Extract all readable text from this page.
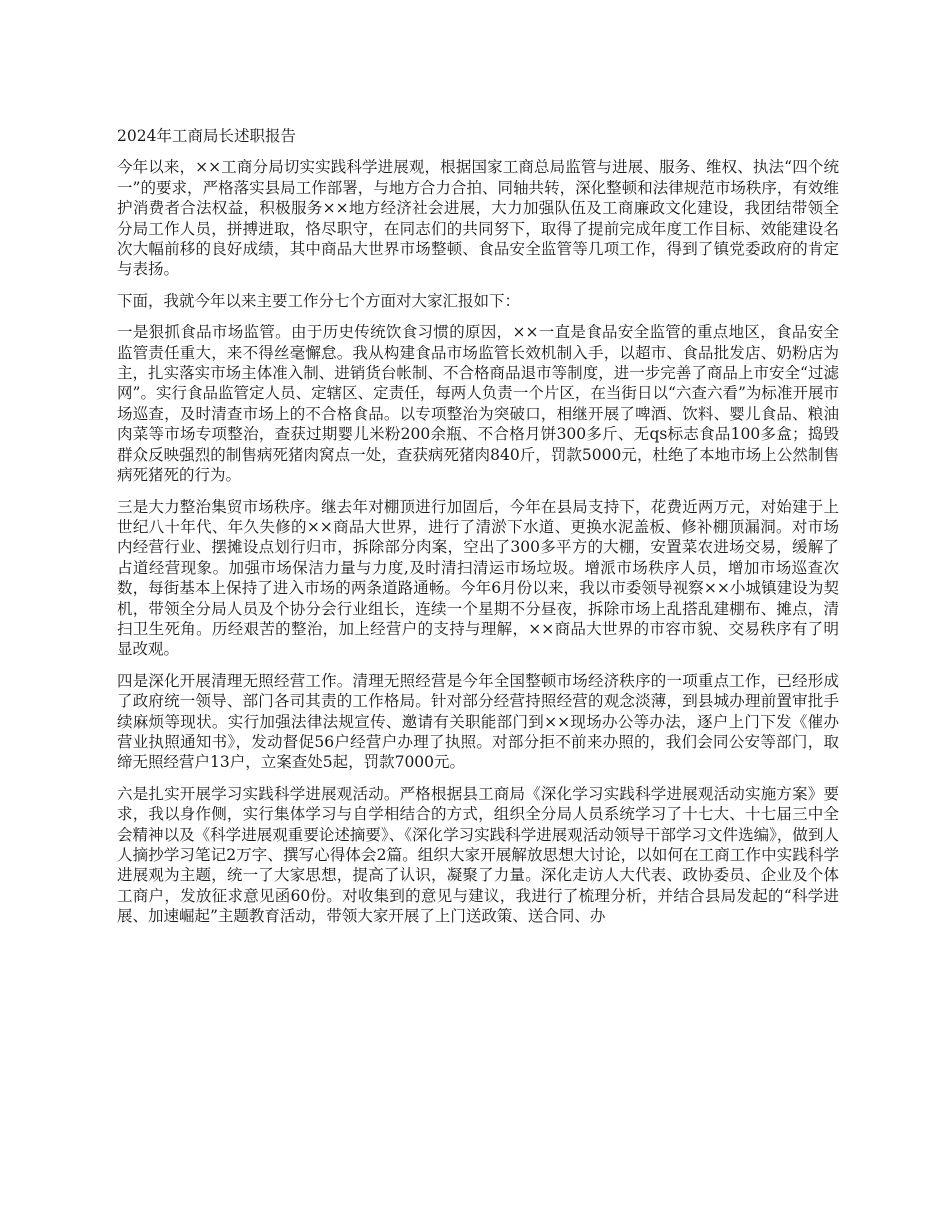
2024年工商局长述职报告

今年以来，××工商分局切实实践科学进展观，根据国家工商总局监管与进展、服务、维权、执法“四个统一”的要求，严格落实县局工作部署，与地方合力合拍、同轴共转，深化整顿和法律规范市场秩序，有效维护消费者合法权益，积极服务××地方经济社会进展，大力加强队伍及工商廉政文化建设，我团结带领全分局工作人员，拼搏进取，恪尽职守，在同志们的共同努下，取得了提前完成年度工作目标、效能建设名次大幅前移的良好成绩，其中商品大世界市场整顿、食品安全监管等几项工作，得到了镇党委政府的肯定与表扬。

下面，我就今年以来主要工作分七个方面对大家汇报如下：

一是狠抓食品市场监管。由于历史传统饮食习惯的原因，××一直是食品安全监管的重点地区，食品安全监管责任重大，来不得丝毫懈怠。我从构建食品市场监管长效机制入手，以超市、食品批发店、奶粉店为主，扎实落实市场主体准入制、进销货台帐制、不合格商品退市等制度，进一步完善了商品上市安全“过滤网”。实行食品监管定人员、定辖区、定责任，每两人负责一个片区，在当街日以“六查六看”为标准开展市场巡查，及时清查市场上的不合格食品。以专项整治为突破口，相继开展了啤酒、饮料、婴儿食品、粮油肉菜等市场专项整治，查获过期婴儿米粉200余瓶、不合格月饼300多斤、无qs标志食品100多盒；捣毁群众反映强烈的制售病死猪肉窝点一处，查获病死猪肉840斤，罚款5000元，杜绝了本地市场上公然制售病死猪死的行为。

三是大力整治集贸市场秩序。继去年对棚顶进行加固后，今年在县局支持下，花费近两万元，对始建于上世纪八十年代、年久失修的××商品大世界，进行了清淤下水道、更换水泥盖板、修补棚顶漏洞。对市场内经营行业、摆摊设点划行归市，拆除部分肉案，空出了300多平方的大棚，安置菜农进场交易，缓解了占道经营现象。加强市场保洁力量与力度,及时清扫清运市场垃圾。增派市场秩序人员，增加市场巡查次数，每街基本上保持了进入市场的两条道路通畅。今年6月份以来，我以市委领导视察××小城镇建设为契机，带领全分局人员及个协分会行业组长，连续一个星期不分昼夜，拆除市场上乱搭乱建棚布、摊点，清扫卫生死角。历经艰苦的整治，加上经营户的支持与理解，××商品大世界的市容市貌、交易秩序有了明显改观。

四是深化开展清理无照经营工作。清理无照经营是今年全国整顿市场经济秩序的一项重点工作，已经形成了政府统一领导、部门各司其责的工作格局。针对部分经营持照经营的观念淡薄，到县城办理前置审批手续麻烦等现状。实行加强法律法规宣传、邀请有关职能部门到××现场办公等办法，逐户上门下发《催办营业执照通知书》，发动督促56户经营户办理了执照。对部分拒不前来办照的，我们会同公安等部门，取缔无照经营户13户，立案查处5起，罚款7000元。

六是扎实开展学习实践科学进展观活动。严格根据县工商局《深化学习实践科学进展观活动实施方案》要求，我以身作侧，实行集体学习与自学相结合的方式，组织全分局人员系统学习了十七大、十七届三中全会精神以及《科学进展观重要论述摘要》、《深化学习实践科学进展观活动领导干部学习文件选编》，做到人人摘抄学习笔记2万字、撰写心得体会2篇。组织大家开展解放思想大讨论，以如何在工商工作中实践科学进展观为主题，统一了大家思想，提高了认识，凝聚了力量。深化走访人大代表、政协委员、企业及个体工商户，发放征求意见函60份。对收集到的意见与建议，我进行了梳理分析，并结合县局发起的“科学进展、加速崛起”主题教育活动，带领大家开展了上门送政策、送合同、办
